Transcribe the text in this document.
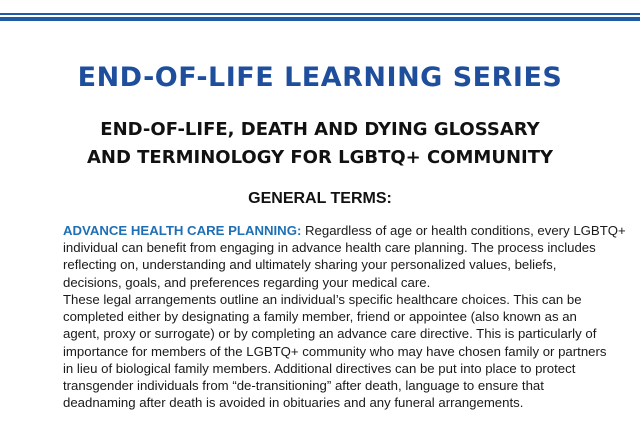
END-OF-LIFE LEARNING SERIES
END-OF-LIFE, DEATH AND DYING GLOSSARY
AND TERMINOLOGY FOR LGBTQ+ COMMUNITY
GENERAL TERMS:
ADVANCE HEALTH CARE PLANNING: Regardless of age or health conditions, every LGBTQ+
individual can benefit from engaging in advance health care planning. The process includes
reflecting on, understanding and ultimately sharing your personalized values, beliefs,
decisions, goals, and preferences regarding your medical care.
These legal arrangements outline an individual’s specific healthcare choices. This can be
completed either by designating a family member, friend or appointee (also known as an
agent, proxy or surrogate) or by completing an advance care directive. This is particularly of
importance for members of the LGBTQ+ community who may have chosen family or partners
in lieu of biological family members. Additional directives can be put into place to protect
transgender individuals from “de-transitioning” after death, language to ensure that
deadnaming after death is avoided in obituaries and any funeral arrangements.
